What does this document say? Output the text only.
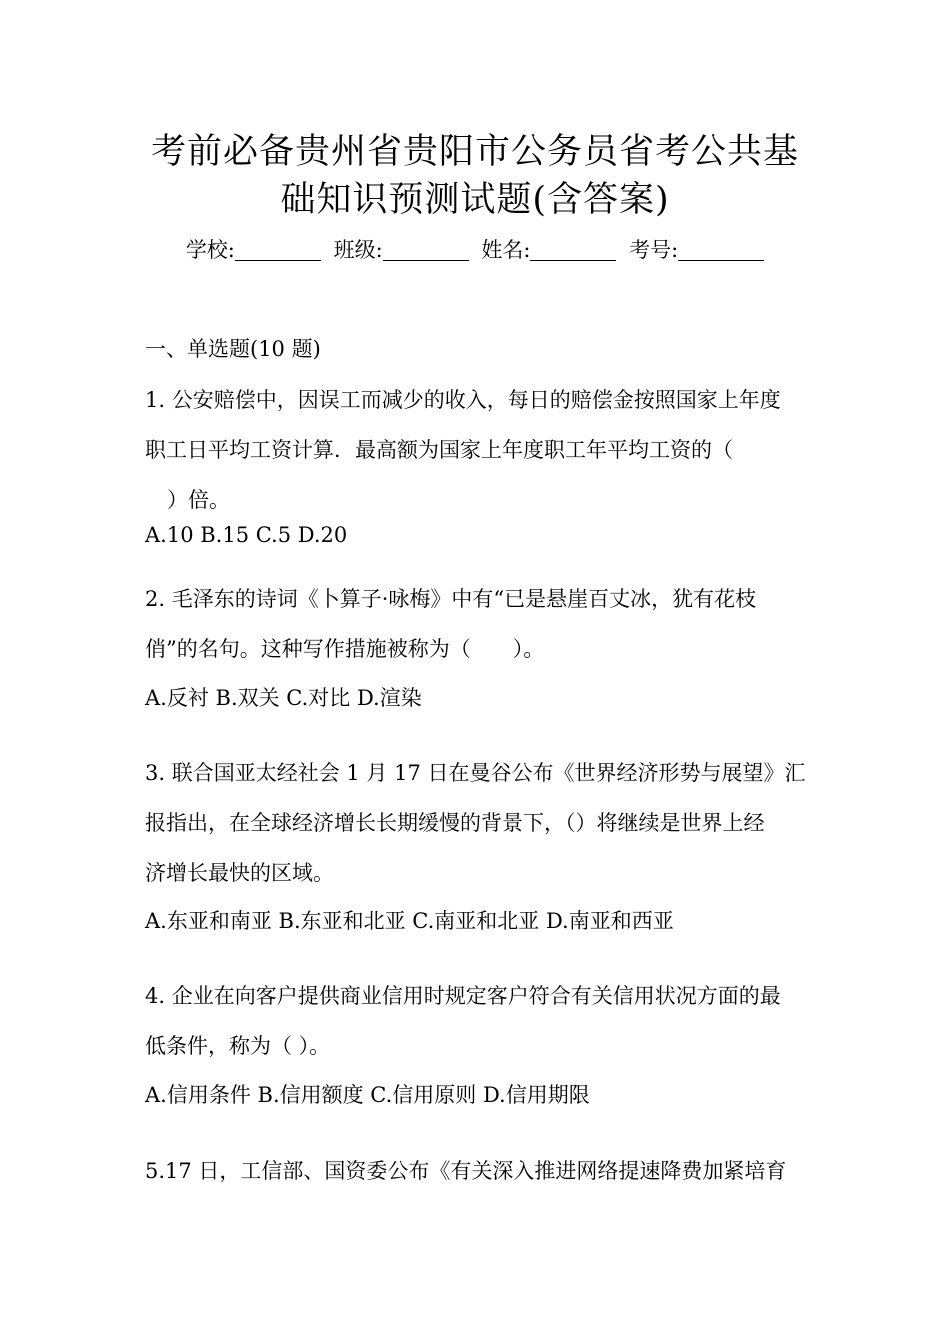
考前必备贵州省贵阳市公务员省考公共基
础知识预测试题(含答案)
学校:	班级:	姓名:	考号:
一、单选题(10 题)
1. 公安赔偿中，因误工而减少的收入，每日的赔偿金按照国家上年度
职工日平均工资计算．最高额为国家上年度职工年平均工资的（
）倍。
A.10 B.15 C.5 D.20
2. 毛泽东的诗词《卜算子·咏梅》中有“已是悬崖百丈冰，犹有花枝
俏”的名句。这种写作措施被称为（　　）。
A.反衬 B.双关 C.对比 D.渲染
3. 联合国亚太经社会 1 月 17 日在曼谷公布《世界经济形势与展望》汇
报指出，在全球经济增长长期缓慢的背景下，（）将继续是世界上经
济增长最快的区域。
A.东亚和南亚 B.东亚和北亚 C.南亚和北亚 D.南亚和西亚
4. 企业在向客户提供商业信用时规定客户符合有关信用状况方面的最
低条件，称为（ ）。
A.信用条件 B.信用额度 C.信用原则 D.信用期限
5.17 日，工信部、国资委公布《有关深入推进网络提速降费加紧培育
